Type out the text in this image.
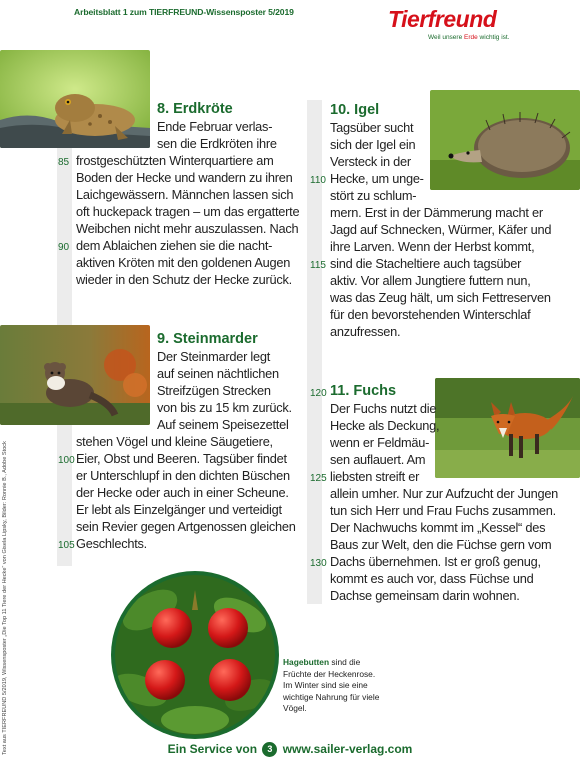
Arbeitsblatt 1 zum TIERFREUND-Wissensposter 5/2019	Tierfreund
Weil unsere Erde wichtig ist.
Text aus TIERFREUND 5/2019, Wissensposter „Die Top 11 Tiere der Hecke“ von Gisela Lipsky, Bilder: Ronnie B., Adobe Stock
8. Erdkröte
Ende Februar verlas-
sen die Erdkröten ihre
frostgeschützten Winterquartiere am
Boden der Hecke und wandern zu ihren
Laichgewässern. Männchen lassen sich
oft huckepack tragen – um das ergatterte
Weibchen nicht mehr auszulassen. Nach
dem Ablaichen ziehen sie die nacht-
aktiven Kröten mit den goldenen Augen
wieder in den Schutz der Hecke zurück.
85
90
9. Steinmarder
Der Steinmarder legt
auf seinen nächtlichen
Streifzügen Strecken
von bis zu 15 km zurück.
Auf seinem Speisezettel
stehen Vögel und kleine Säugetiere,
Eier, Obst und Beeren. Tagsüber findet
er Unterschlupf in den dichten Büschen
der Hecke oder auch in einer Scheune.
Er lebt als Einzelgänger und verteidigt
sein Revier gegen Artgenossen gleichen
Geschlechts.
100
105
10. Igel
Tagsüber sucht
sich der Igel ein
Versteck in der
Hecke, um unge-
stört zu schlum-
mern. Erst in der Dämmerung macht er
Jagd auf Schnecken, Würmer, Käfer und
ihre Larven. Wenn der Herbst kommt,
sind die Stacheltiere auch tagsüber
aktiv. Vor allem Jungtiere futtern nun,
was das Zeug hält, um sich Fettreserven
für den bevorstehenden Winterschlaf
anzufressen.
110
115
11. Fuchs
Der Fuchs nutzt die
Hecke als Deckung,
wenn er Feldmäu-
sen auflauert. Am
liebsten streift er
allein umher. Nur zur Aufzucht der Jungen
tun sich Herr und Frau Fuchs zusammen.
Der Nachwuchs kommt im „Kessel“ des
Baus zur Welt, den die Füchse gern vom
Dachs übernehmen. Ist er groß genug,
kommt es auch vor, dass Füchse und
Dachse gemeinsam darin wohnen.
120
125
130
Hagebutten sind die Früchte der Heckenrose. Im Winter sind sie eine wichtige Nahrung für viele Vögel.
Ein Service von 3 www.sailer-verlag.com
